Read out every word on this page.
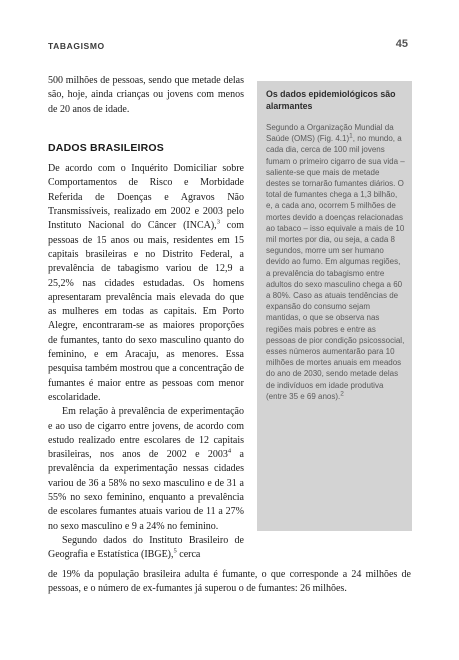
TABAGISMO	45

500 milhões de pessoas, sendo que metade delas são, hoje, ainda crianças ou jovens com menos de 20 anos de idade.

DADOS BRASILEIROS

De acordo com o Inquérito Domiciliar sobre Comportamentos de Risco e Morbidade Referida de Doenças e Agravos Não Transmissíveis, realizado em 2002 e 2003 pelo Instituto Nacional do Câncer (INCA),$^3$ com pessoas de 15 anos ou mais, residentes em 15 capitais brasileiras e no Distrito Federal, a prevalência de tabagismo variou de 12,9 a 25,2% nas cidades estudadas. Os homens apresentaram prevalência mais elevada do que as mulheres em todas as capitais. Em Porto Alegre, encontraram-se as maiores proporções de fumantes, tanto do sexo masculino quanto do feminino, e em Aracaju, as menores. Essa pesquisa também mostrou que a concentração de fumantes é maior entre as pessoas com menor escolaridade.

Em relação à prevalência de experimentação e ao uso de cigarro entre jovens, de acordo com estudo realizado entre escolares de 12 capitais brasileiras, nos anos de 2002 e 2003$^4$ a prevalência da experimentação nessas cidades variou de 36 a 58% no sexo masculino e de 31 a 55% no sexo feminino, enquanto a prevalência de escolares fumantes atuais variou de 11 a 27% no sexo masculino e 9 a 24% no feminino.

Segundo dados do Instituto Brasileiro de Geografia e Estatística (IBGE),$^5$ cerca

Os dados epidemiológicos são alarmantes

Segundo a Organização Mundial da Saúde (OMS) (Fig. 4.1)$^1$, no mundo, a cada dia, cerca de 100 mil jovens fumam o primeiro cigarro de sua vida – saliente-se que mais de metade destes se tornarão fumantes diários. O total de fumantes chega a 1,3 bilhão, e, a cada ano, ocorrem 5 milhões de mortes devido a doenças relacionadas ao tabaco – isso equivale a mais de 10 mil mortes por dia, ou seja, a cada 8 segundos, morre um ser humano devido ao fumo. Em algumas regiões, a prevalência do tabagismo entre adultos do sexo masculino chega a 60 a 80%. Caso as atuais tendências de expansão do consumo sejam mantidas, o que se observa nas regiões mais pobres e entre as pessoas de pior condição psicossocial, esses números aumentarão para 10 milhões de mortes anuais em meados do ano de 2030, sendo metade delas de indivíduos em idade produtiva (entre 35 e 69 anos).$^2$

de 19% da população brasileira adulta é fumante, o que corresponde a 24 milhões de pessoas, e o número de ex-fumantes já superou o de fumantes: 26 milhões.
